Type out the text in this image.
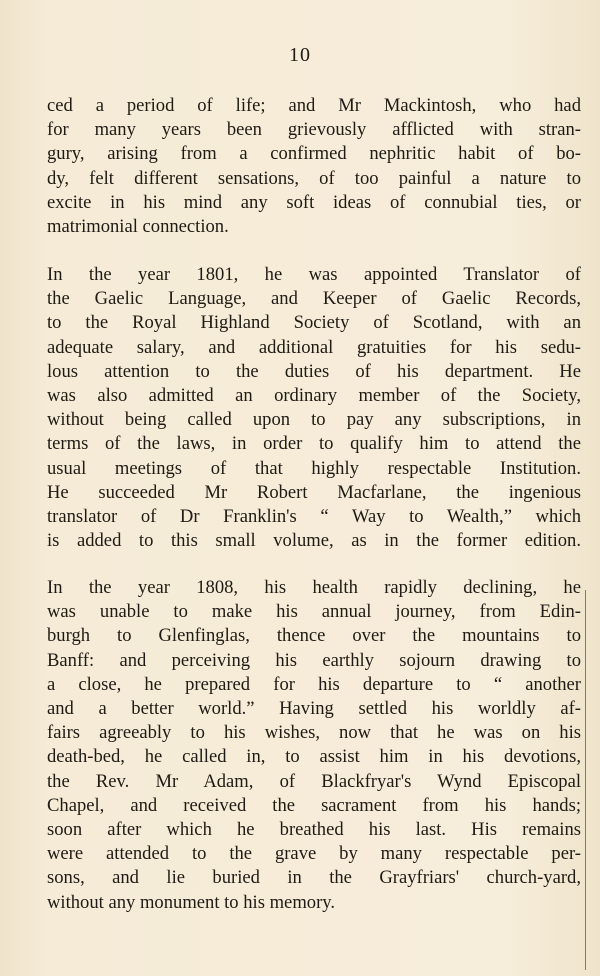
10
ced a period of life; and Mr Mackintosh, who had
for many years been grievously afflicted with stran-
gury, arising from a confirmed nephritic habit of bo-
dy, felt different sensations, of too painful a nature to
excite in his mind any soft ideas of connubial ties, or
matrimonial connection.
In the year 1801, he was appointed Translator of
the Gaelic Language, and Keeper of Gaelic Records,
to the Royal Highland Society of Scotland, with an
adequate salary, and additional gratuities for his sedu-
lous attention to the duties of his department. He
was also admitted an ordinary member of the Society,
without being called upon to pay any subscriptions, in
terms of the laws, in order to qualify him to attend the
usual meetings of that highly respectable Institution.
He succeeded Mr Robert Macfarlane, the ingenious
translator of Dr Franklin's “ Way to Wealth,” which
is added to this small volume, as in the former edition.
In the year 1808, his health rapidly declining, he
was unable to make his annual journey, from Edin-
burgh to Glenfinglas, thence over the mountains to
Banff: and perceiving his earthly sojourn drawing to
a close, he prepared for his departure to “ another
and a better world.” Having settled his worldly af-
fairs agreeably to his wishes, now that he was on his
death-bed, he called in, to assist him in his devotions,
the Rev. Mr Adam, of Blackfryar's Wynd Episcopal
Chapel, and received the sacrament from his hands;
soon after which he breathed his last. His remains
were attended to the grave by many respectable per-
sons, and lie buried in the Grayfriars' church-yard,
without any monument to his memory.
